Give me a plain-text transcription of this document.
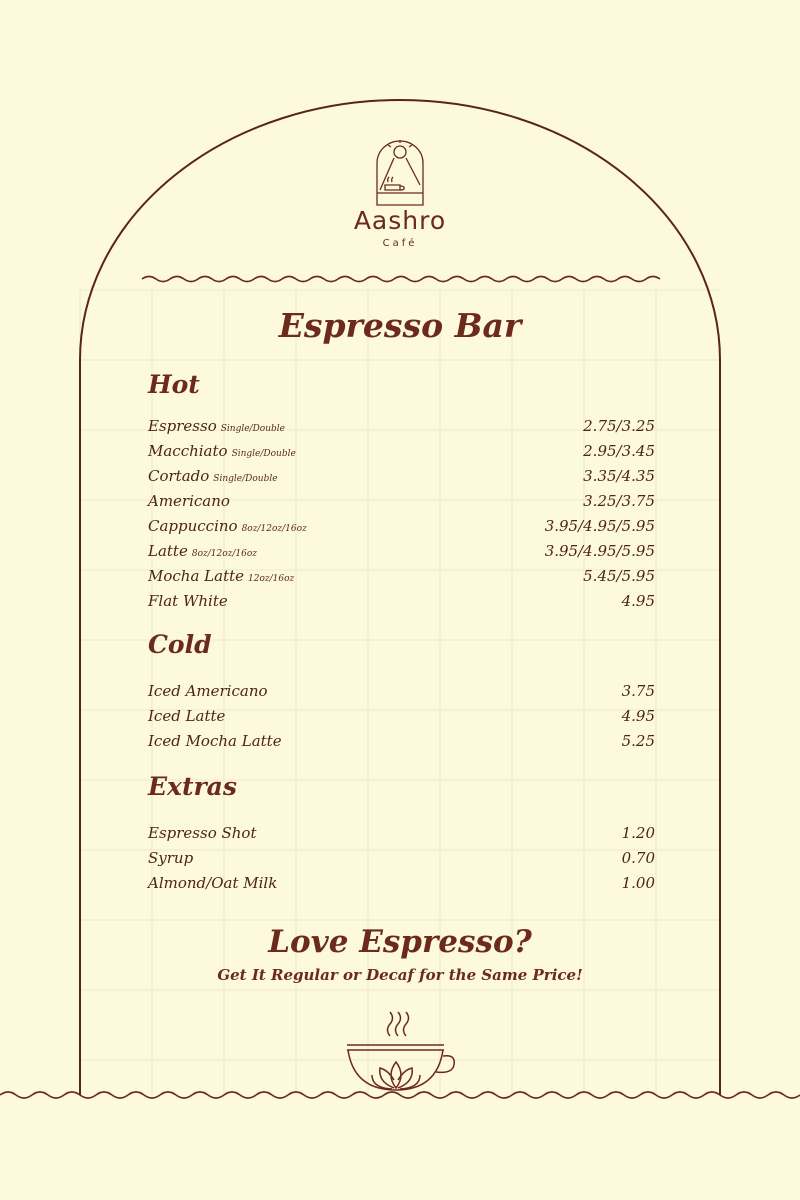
Aashro
Café
Espresso Bar
Hot
Espresso Single/Double	2.75/3.25
Macchiato Single/Double	2.95/3.45
Cortado Single/Double	3.35/4.35
Americano	3.25/3.75
Cappuccino 8oz/12oz/16oz	3.95/4.95/5.95
Latte 8oz/12oz/16oz	3.95/4.95/5.95
Mocha Latte 12oz/16oz	5.45/5.95
Flat White	4.95
Cold
Iced Americano	3.75
Iced Latte	4.95
Iced Mocha Latte	5.25
Extras
Espresso Shot	1.20
Syrup	0.70
Almond/Oat Milk	1.00
Love Espresso?
Get It Regular or Decaf for the Same Price!
